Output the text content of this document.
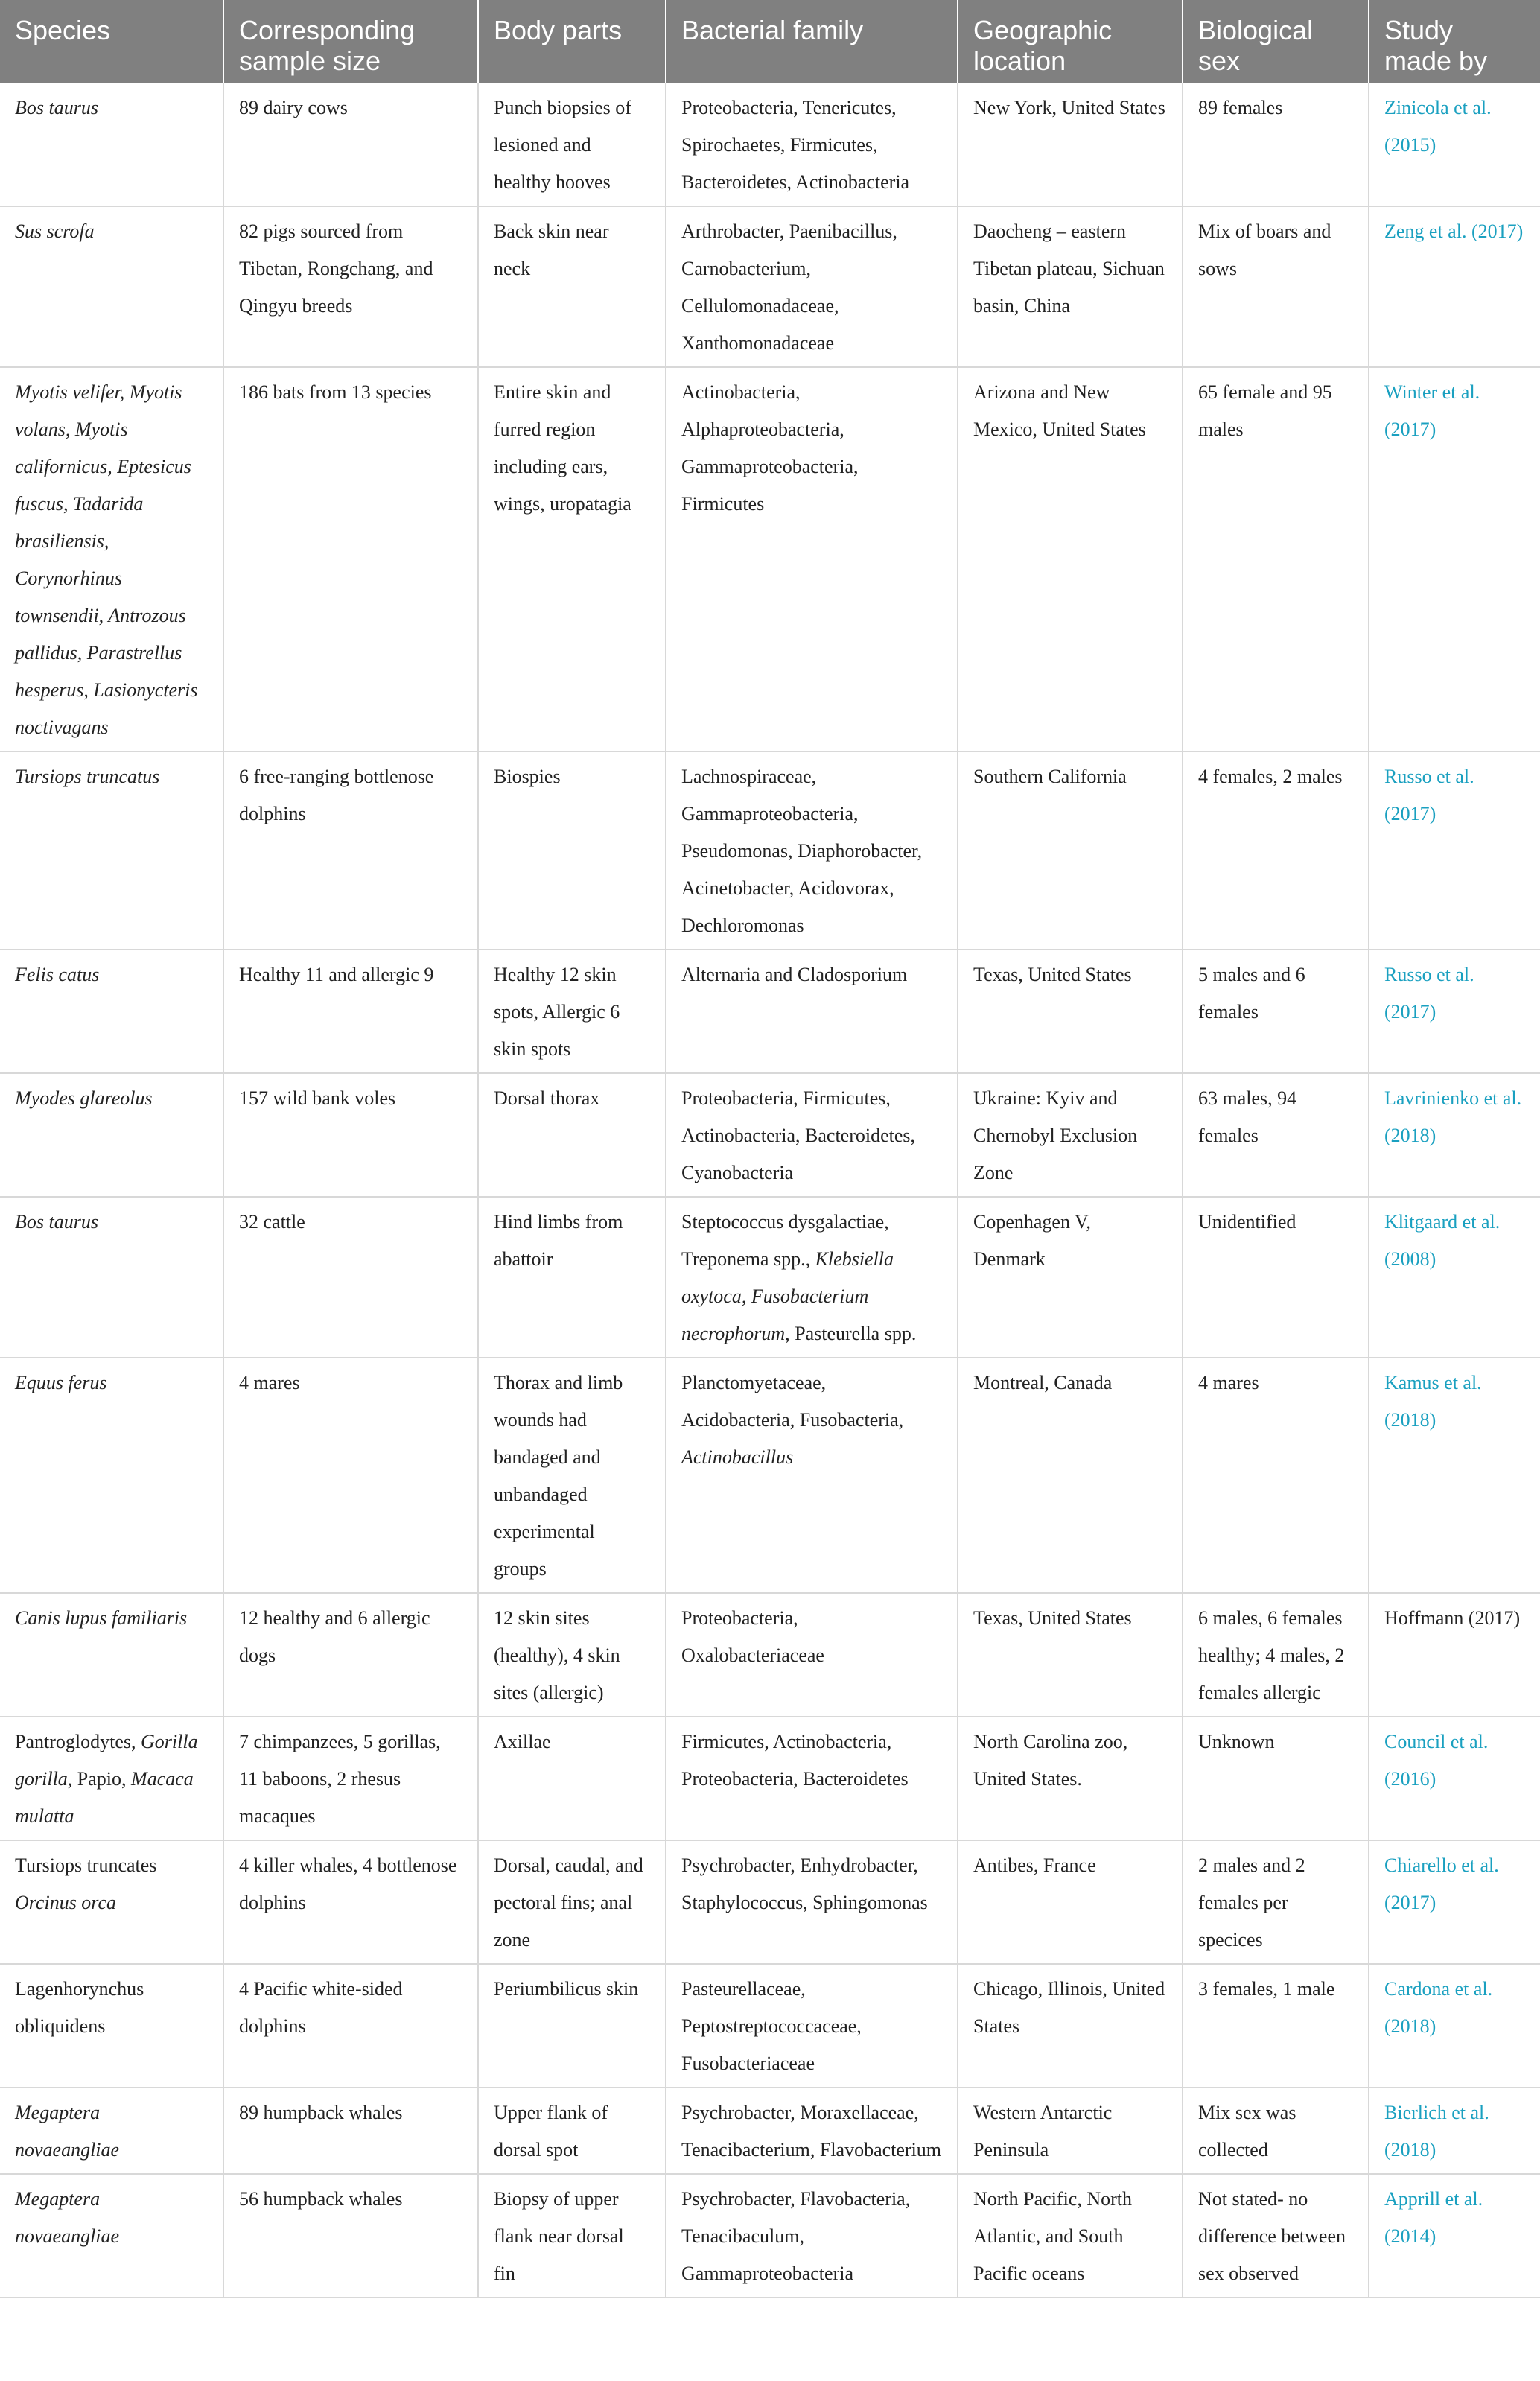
Species	Corresponding sample size	Body parts	Bacterial family	Geographic location	Biological sex	Study made by
Bos taurus	89 dairy cows	Punch biopsies of lesioned and healthy hooves	Proteobacteria, Tenericutes, Spirochaetes, Firmicutes, Bacteroidetes, Actinobacteria	New York, United States	89 females	Zinicola et al. (2015)
Sus scrofa	82 pigs sourced from Tibetan, Rongchang, and Qingyu breeds	Back skin near neck	Arthrobacter, Paenibacillus, Carnobacterium, Cellulomonadaceae, Xanthomonadaceae	Daocheng – eastern Tibetan plateau, Sichuan basin, China	Mix of boars and sows	Zeng et al. (2017)
Myotis velifer, Myotis volans, Myotis californicus, Eptesicus fuscus, Tadarida brasiliensis, Corynorhinus townsendii, Antrozous pallidus, Parastrellus hesperus, Lasionycteris noctivagans	186 bats from 13 species	Entire skin and furred region including ears, wings, uropatagia	Actinobacteria, Alphaproteobacteria, Gammaproteobacteria, Firmicutes	Arizona and New Mexico, United States	65 female and 95 males	Winter et al. (2017)
Tursiops truncatus	6 free-ranging bottlenose dolphins	Biospies	Lachnospiraceae, Gammaproteobacteria, Pseudomonas, Diaphorobacter, Acinetobacter, Acidovorax, Dechloromonas	Southern California	4 females, 2 males	Russo et al. (2017)
Felis catus	Healthy 11 and allergic 9	Healthy 12 skin spots, Allergic 6 skin spots	Alternaria and Cladosporium	Texas, United States	5 males and 6 females	Russo et al. (2017)
Myodes glareolus	157 wild bank voles	Dorsal thorax	Proteobacteria, Firmicutes, Actinobacteria, Bacteroidetes, Cyanobacteria	Ukraine: Kyiv and Chernobyl Exclusion Zone	63 males, 94 females	Lavrinienko et al. (2018)
Bos taurus	32 cattle	Hind limbs from abattoir	Steptococcus dysgalactiae, Treponema spp., Klebsiella oxytoca, Fusobacterium necrophorum, Pasteurella spp.	Copenhagen V, Denmark	Unidentified	Klitgaard et al. (2008)
Equus ferus	4 mares	Thorax and limb wounds had bandaged and unbandaged experimental groups	Planctomyetaceae, Acidobacteria, Fusobacteria, Actinobacillus	Montreal, Canada	4 mares	Kamus et al. (2018)
Canis lupus familiaris	12 healthy and 6 allergic dogs	12 skin sites (healthy), 4 skin sites (allergic)	Proteobacteria, Oxalobacteriaceae	Texas, United States	6 males, 6 females healthy; 4 males, 2 females allergic	Hoffmann (2017)
Pantroglodytes, Gorilla gorilla, Papio, Macaca mulatta	7 chimpanzees, 5 gorillas, 11 baboons, 2 rhesus macaques	Axillae	Firmicutes, Actinobacteria, Proteobacteria, Bacteroidetes	North Carolina zoo, United States.	Unknown	Council et al. (2016)
Tursiops truncates Orcinus orca	4 killer whales, 4 bottlenose dolphins	Dorsal, caudal, and pectoral fins; anal zone	Psychrobacter, Enhydrobacter, Staphylococcus, Sphingomonas	Antibes, France	2 males and 2 females per specices	Chiarello et al. (2017)
Lagenhorynchus obliquidens	4 Pacific white-sided dolphins	Periumbilicus skin	Pasteurellaceae, Peptostreptococcaceae, Fusobacteriaceae	Chicago, Illinois, United States	3 females, 1 male	Cardona et al. (2018)
Megaptera novaeangliae	89 humpback whales	Upper flank of dorsal spot	Psychrobacter, Moraxellaceae, Tenacibacterium, Flavobacterium	Western Antarctic Peninsula	Mix sex was collected	Bierlich et al. (2018)
Megaptera novaeangliae	56 humpback whales	Biopsy of upper flank near dorsal fin	Psychrobacter, Flavobacteria, Tenacibaculum, Gammaproteobacteria	North Pacific, North Atlantic, and South Pacific oceans	Not stated- no difference between sex observed	Apprill et al. (2014)
